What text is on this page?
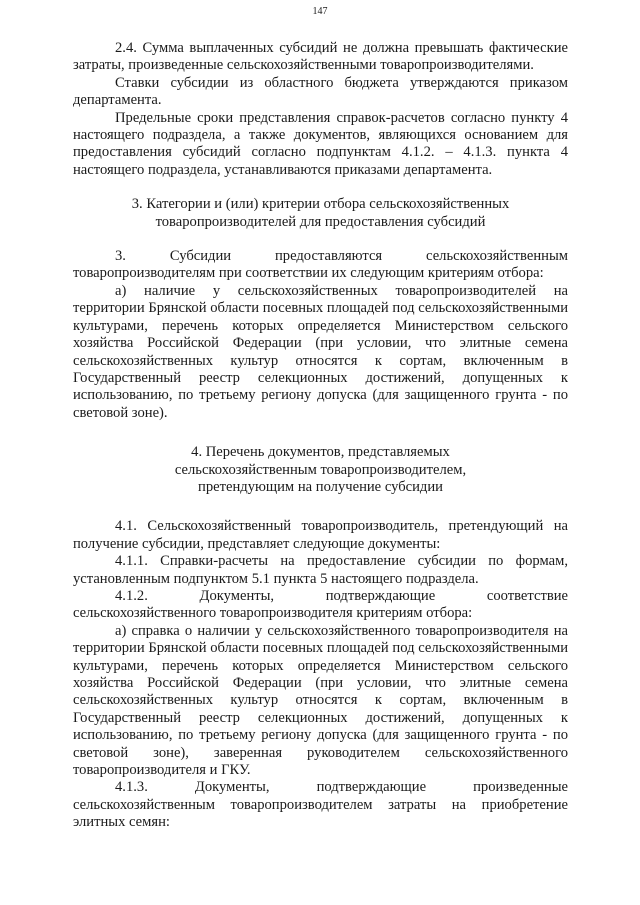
147

2.4. Сумма выплаченных субсидий не должна превышать фактические затраты, произведенные сельскохозяйственными товаропроизводителями.

Ставки субсидии из областного бюджета утверждаются приказом департамента.

Предельные сроки представления справок-расчетов согласно пункту 4 настоящего подраздела, а также документов, являющихся основанием для предоставления субсидий согласно подпунктам 4.1.2. – 4.1.3. пункта 4 настоящего подраздела, устанавливаются приказами департамента.

3. Категории и (или) критерии отбора сельскохозяйственных
товаропроизводителей для предоставления субсидий

3. Субсидии предоставляются сельскохозяйственным товаропроизводителям при соответствии их следующим критериям отбора:

а) наличие у сельскохозяйственных товаропроизводителей на территории Брянской области посевных площадей под сельскохозяйственными культурами, перечень которых определяется Министерством сельского хозяйства Российской Федерации (при условии, что элитные семена сельскохозяйственных культур относятся к сортам, включенным в Государственный реестр селекционных достижений, допущенных к использованию, по третьему региону допуска (для защищенного грунта - по световой зоне).

4. Перечень документов, представляемых
сельскохозяйственным товаропроизводителем,
претендующим на получение субсидии

4.1. Сельскохозяйственный товаропроизводитель, претендующий на получение субсидии, представляет следующие документы:

4.1.1. Справки-расчеты на предоставление субсидии по формам, установленным подпунктом 5.1 пункта 5 настоящего подраздела.

4.1.2. Документы, подтверждающие соответствие сельскохозяйственного товаропроизводителя критериям отбора:

а) справка о наличии у сельскохозяйственного товаропроизводителя на территории Брянской области посевных площадей под сельскохозяйственными культурами, перечень которых определяется Министерством сельского хозяйства Российской Федерации (при условии, что элитные семена сельскохозяйственных культур относятся к сортам, включенным в Государственный реестр селекционных достижений, допущенных к использованию, по третьему региону допуска (для защищенного грунта - по световой зоне), заверенная руководителем сельскохозяйственного товаропроизводителя и ГКУ.

4.1.3. Документы, подтверждающие произведенные сельскохозяйственным товаропроизводителем затраты на приобретение элитных семян:
